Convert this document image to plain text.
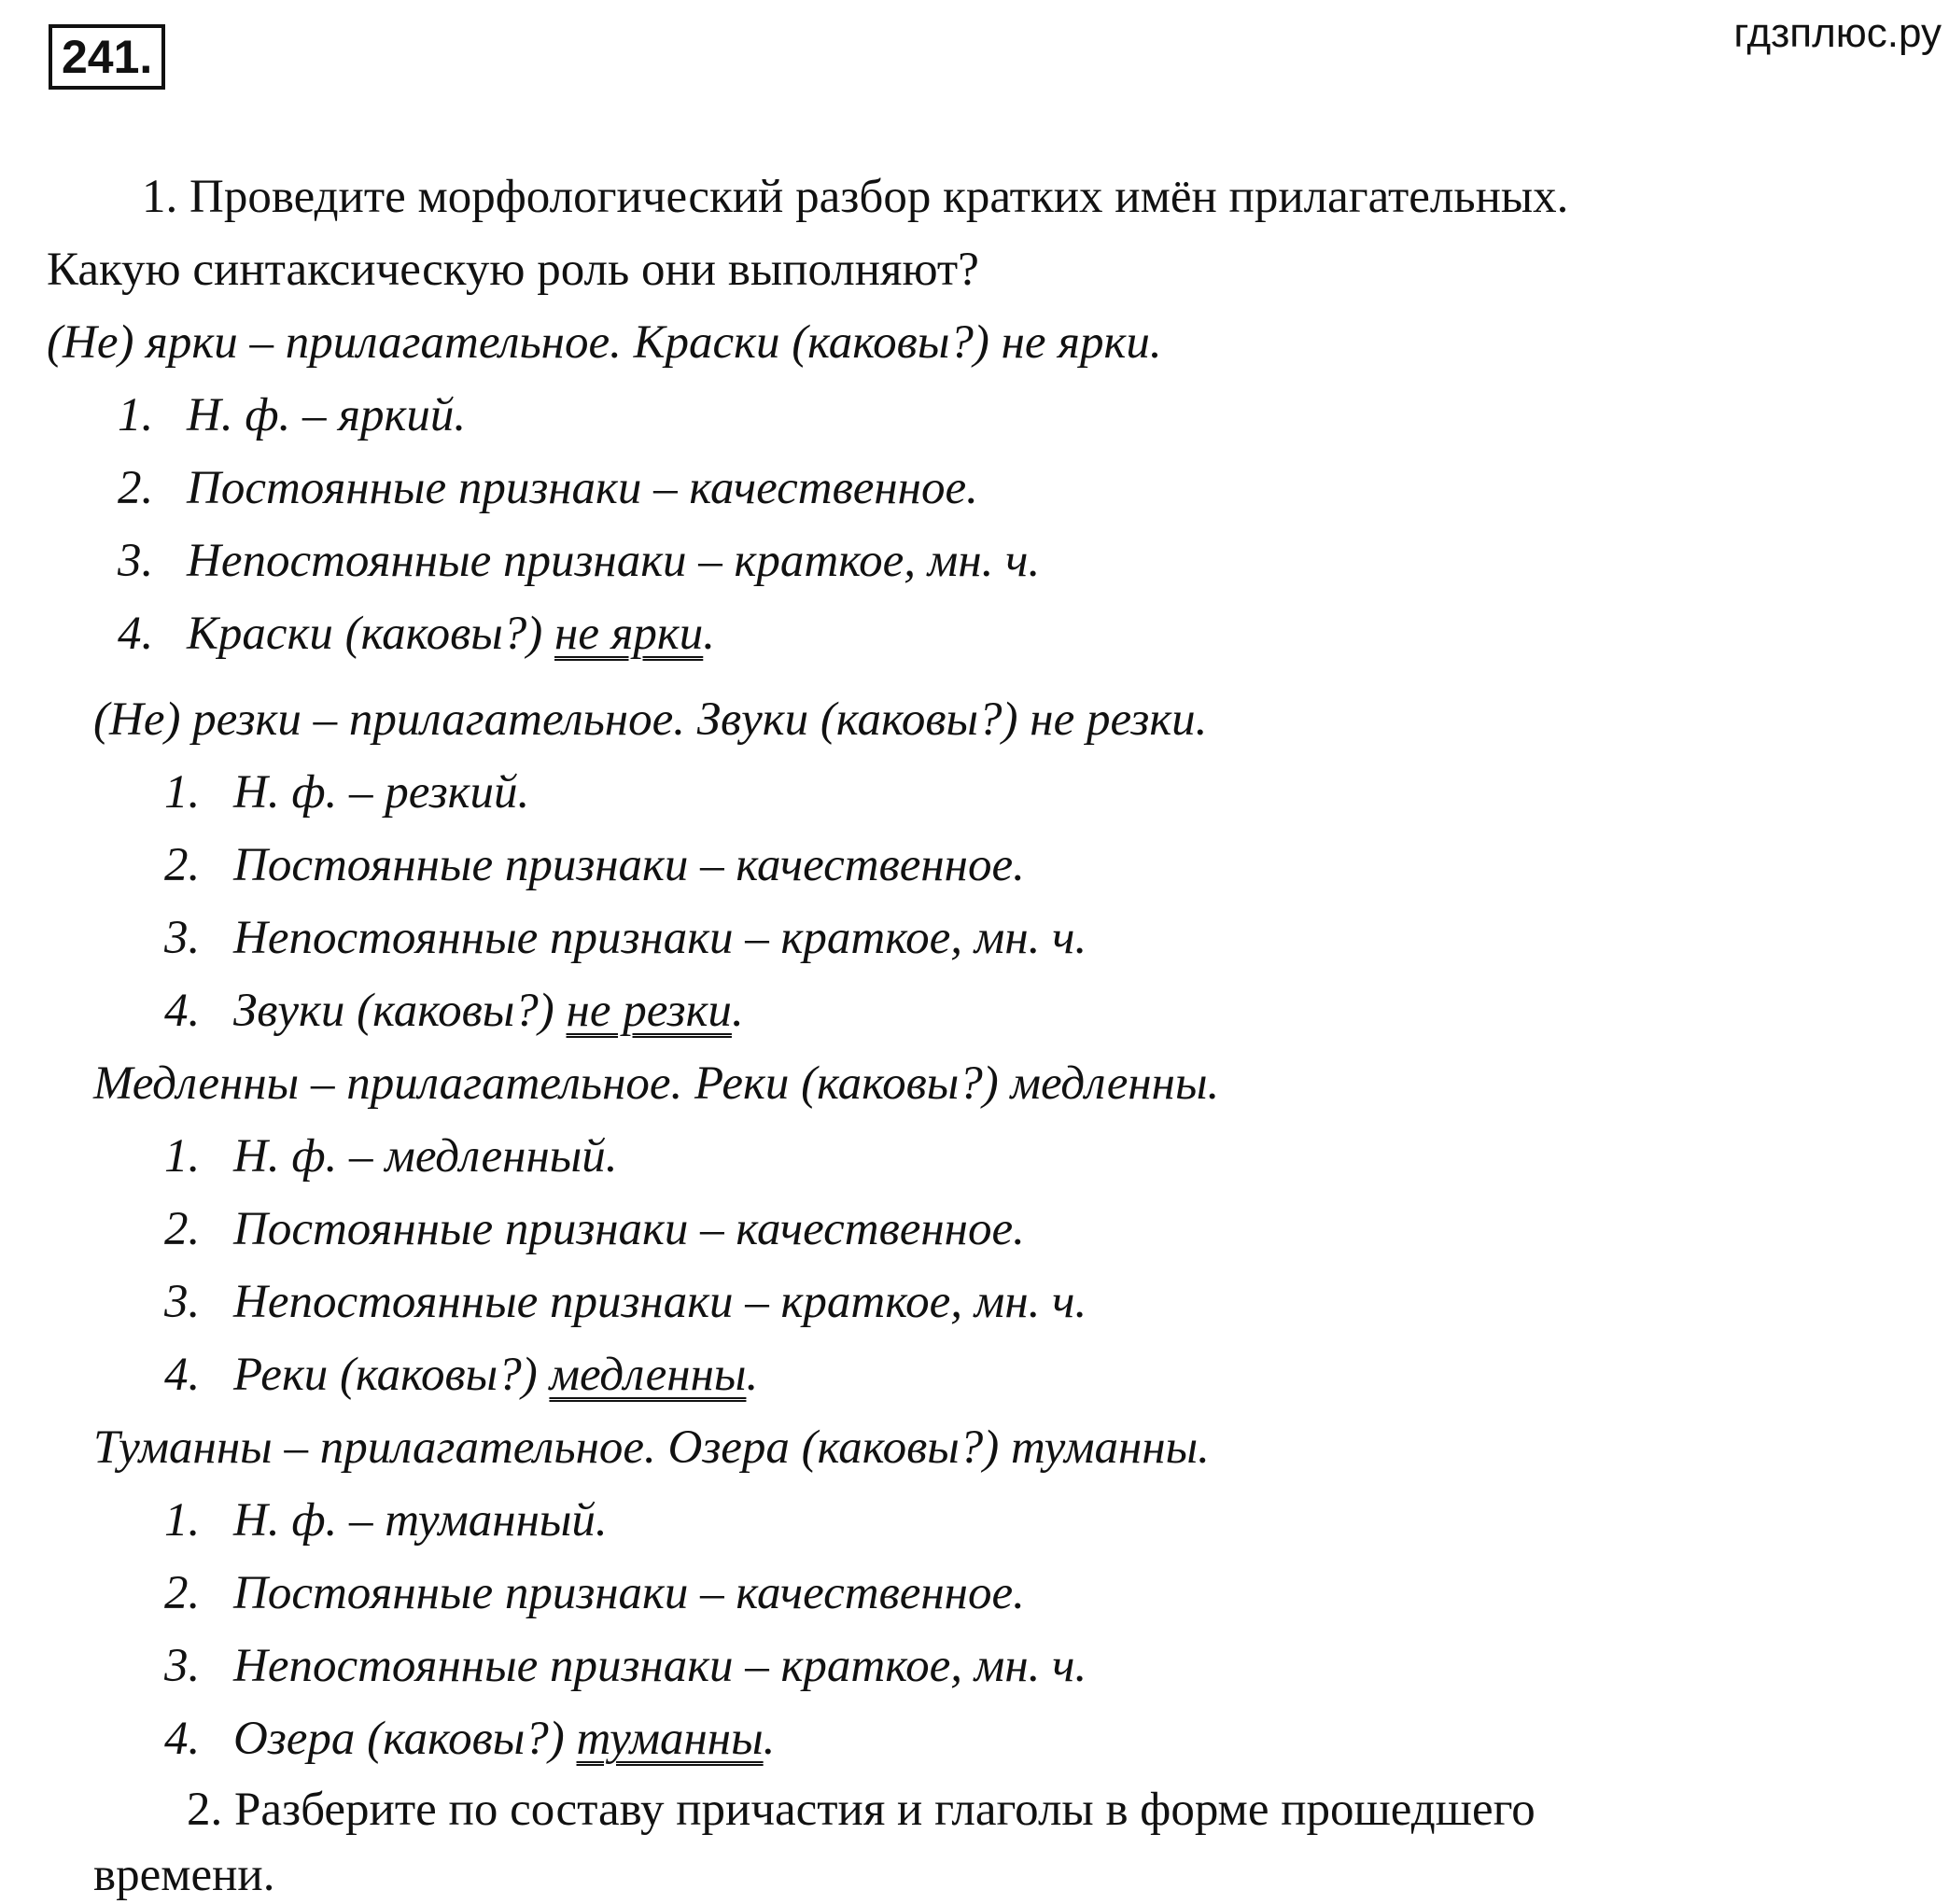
241.	гдзплюс.ру
1. Проведите морфологический разбор кратких имён прилагательных.
Какую синтаксическую роль они выполняют?
(Не) ярки – прилагательное. Краски (каковы?) не ярки.
1. Н. ф. – яркий.
2. Постоянные признаки – качественное.
3. Непостоянные признаки – краткое, мн. ч.
4. Краски (каковы?) не ярки.
(Не) резки – прилагательное. Звуки (каковы?) не резки.
1. Н. ф. – резкий.
2. Постоянные признаки – качественное.
3. Непостоянные признаки – краткое, мн. ч.
4. Звуки (каковы?) не резки.
Медленны – прилагательное. Реки (каковы?) медленны.
1. Н. ф. – медленный.
2. Постоянные признаки – качественное.
3. Непостоянные признаки – краткое, мн. ч.
4. Реки (каковы?) медленны.
Туманны – прилагательное. Озера (каковы?) туманны.
1. Н. ф. – туманный.
2. Постоянные признаки – качественное.
3. Непостоянные признаки – краткое, мн. ч.
4. Озера (каковы?) туманны.
2. Разберите по составу причастия и глаголы в форме прошедшего
времени.
